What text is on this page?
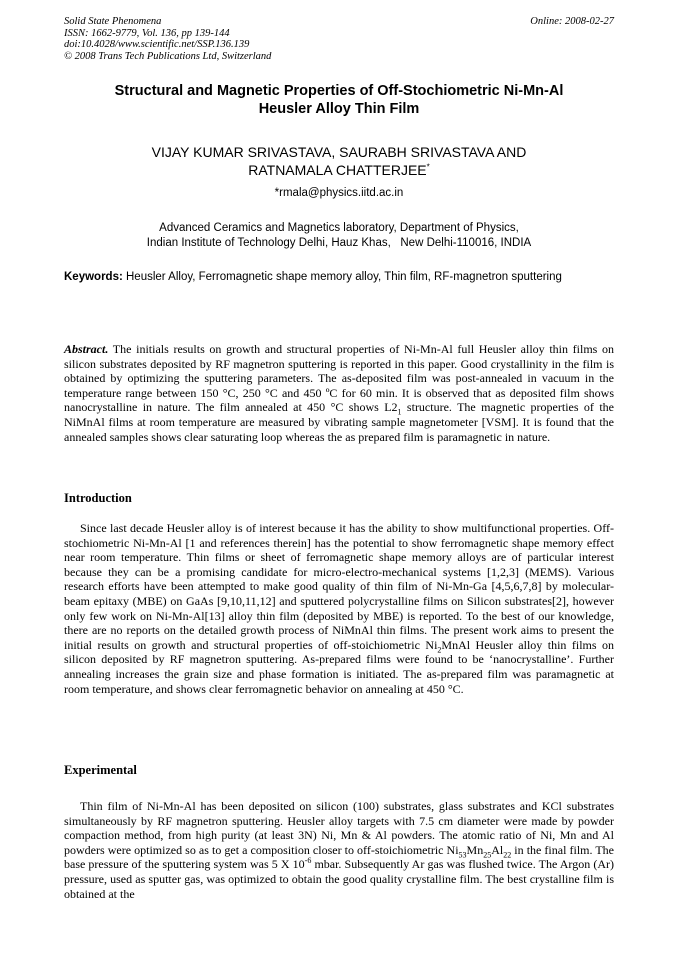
Solid State Phenomena
ISSN: 1662-9779, Vol. 136, pp 139-144
doi:10.4028/www.scientific.net/SSP.136.139
© 2008 Trans Tech Publications Ltd, Switzerland
Online: 2008-02-27
Structural and Magnetic Properties of Off-Stochiometric Ni-Mn-Al
Heusler Alloy Thin Film
VIJAY KUMAR SRIVASTAVA, SAURABH SRIVASTAVA AND
RATNAMALA CHATTERJEE*
*rmala@physics.iitd.ac.in
Advanced Ceramics and Magnetics laboratory, Department of Physics,
Indian Institute of Technology Delhi, Hauz Khas,   New Delhi-110016, INDIA
Keywords: Heusler Alloy, Ferromagnetic shape memory alloy, Thin film, RF-magnetron sputtering

Abstract. The initials results on growth and structural properties of Ni-Mn-Al full Heusler alloy thin films on silicon substrates deposited by RF magnetron sputtering is reported in this paper. Good crystallinity in the film is obtained by optimizing the sputtering parameters. The as-deposited film was post-annealed in vacuum in the temperature range between 150 °C, 250 °C and 450 ºC for 60 min. It is observed that as deposited film shows nanocrystalline in nature. The film annealed at 450 °C shows $L2_1$ structure. The magnetic properties of the NiMnAl films at room temperature are measured by vibrating sample magnetometer [VSM]. It is found that the annealed samples shows clear saturating loop whereas the as prepared film is paramagnetic in nature.

Introduction

Since last decade Heusler alloy is of interest because it has the ability to show multifunctional properties. Off-stochiometric Ni-Mn-Al [1 and references therein] has the potential to show ferromagnetic shape memory effect near room temperature. Thin films or sheet of ferromagnetic shape memory alloys are of particular interest because they can be a promising candidate for micro-electro-mechanical systems [1,2,3] (MEMS). Various research efforts have been attempted to make good quality of thin film of Ni-Mn-Ga [4,5,6,7,8] by molecular-beam epitaxy (MBE) on GaAs [9,10,11,12] and sputtered polycrystalline films on Silicon substrates[2], however only few work on Ni-Mn-Al[13] alloy thin film (deposited by MBE) is reported. To the best of our knowledge, there are no reports on the detailed growth process of NiMnAl thin films. The present work aims to present the initial results on growth and structural properties of off-stoichiometric $Ni_2MnAl$ Heusler alloy thin films on silicon deposited by RF magnetron sputtering. As-prepared films were found to be ‘nanocrystalline’. Further annealing increases the grain size and phase formation is initiated. The as-prepared film was paramagnetic at room temperature, and shows clear ferromagnetic behavior on annealing at 450 °C.

Experimental

Thin film of Ni-Mn-Al has been deposited on silicon (100) substrates, glass substrates and KCl substrates simultaneously by RF magnetron sputtering. Heusler alloy targets with 7.5 cm diameter were made by powder compaction method, from high purity (at least 3N) Ni, Mn & Al powders. The atomic ratio of Ni, Mn and Al powders were optimized so as to get a composition closer to off-stoichiometric $Ni_{53}Mn_{25}Al_{22}$ in the final film. The base pressure of the sputtering system was 5 X $10^{-6}$ mbar. Subsequently Ar gas was flushed twice. The Argon (Ar) pressure, used as sputter gas, was optimized to obtain the good quality crystalline film. The best crystalline film is obtained at the
